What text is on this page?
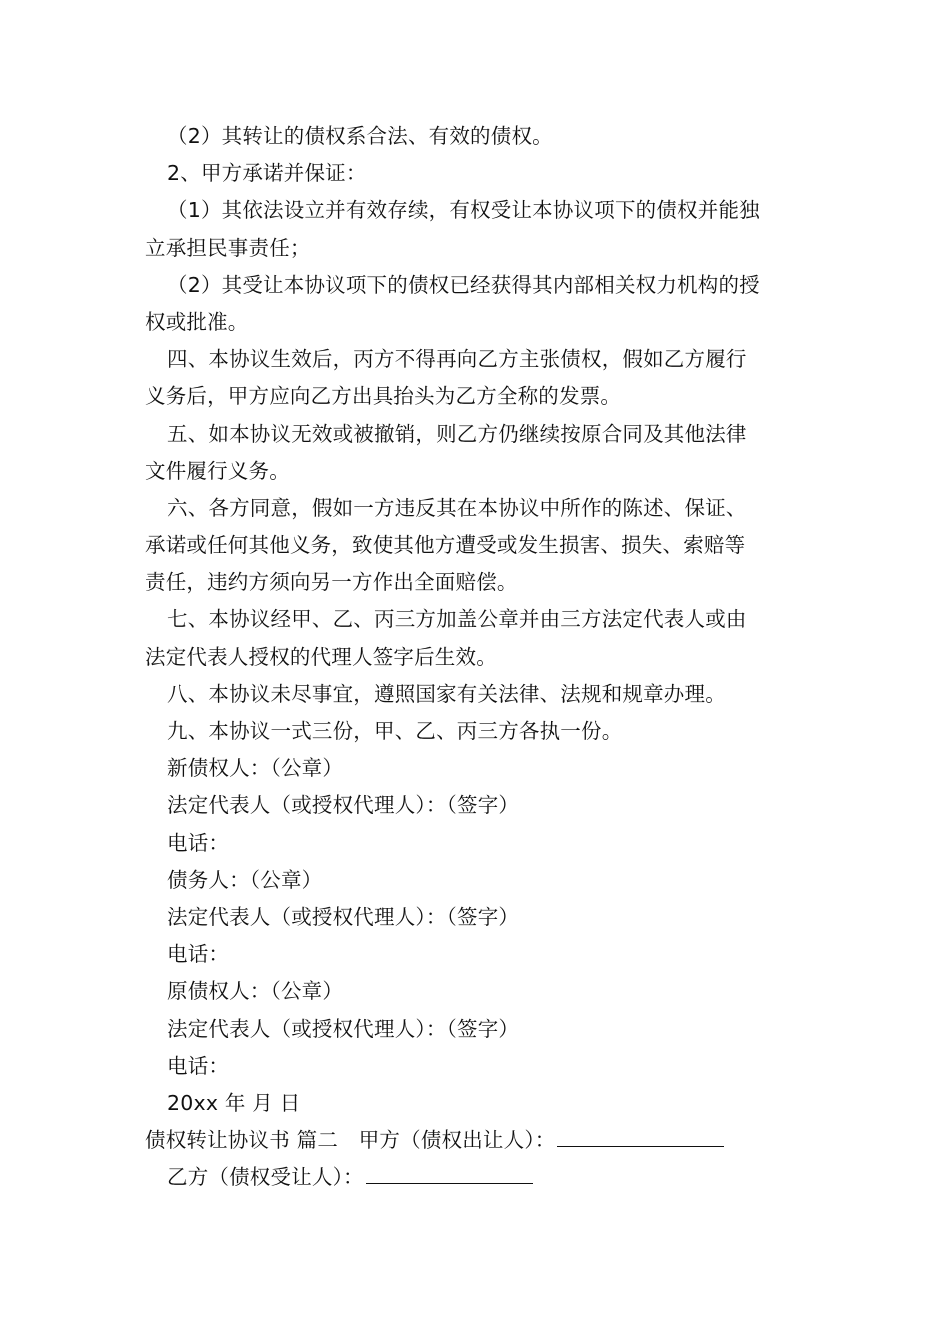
（2）其转让的债权系合法、有效的债权。
2、甲方承诺并保证：
（1）其依法设立并有效存续，有权受让本协议项下的债权并能独
立承担民事责任；
（2）其受让本协议项下的债权已经获得其内部相关权力机构的授
权或批准。
四、本协议生效后，丙方不得再向乙方主张债权，假如乙方履行
义务后，甲方应向乙方出具抬头为乙方全称的发票。
五、如本协议无效或被撤销，则乙方仍继续按原合同及其他法律
文件履行义务。
六、各方同意，假如一方违反其在本协议中所作的陈述、保证、
承诺或任何其他义务，致使其他方遭受或发生损害、损失、索赔等
责任，违约方须向另一方作出全面赔偿。
七、本协议经甲、乙、丙三方加盖公章并由三方法定代表人或由
法定代表人授权的代理人签字后生效。
八、本协议未尽事宜，遵照国家有关法律、法规和规章办理。
九、本协议一式三份，甲、乙、丙三方各执一份。
新债权人：（公章）
法定代表人（或授权代理人）：（签字）
电话：
债务人：（公章）
法定代表人（或授权代理人）：（签字）
电话：
原债权人：（公章）
法定代表人（或授权代理人）：（签字）
电话：
20xx 年 月 日
债权转让协议书 篇二　甲方（债权出让人）：
乙方（债权受让人）：
